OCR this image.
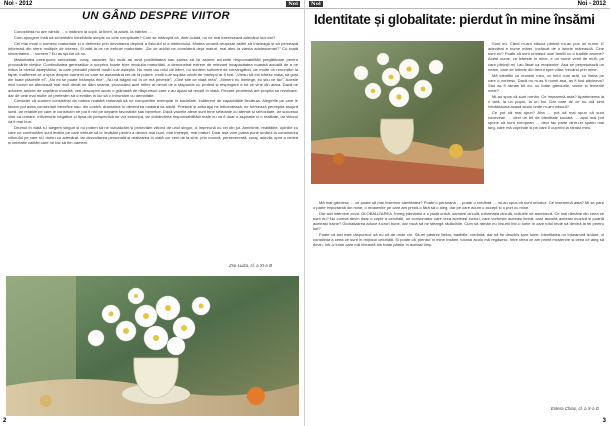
Noi - 2012	Noi
UN GÂND DESPRE VIITOR

Cunoștiința nu are vârstă … o întâlnim la copii, la tineri, la adulți, la bătrâni ....

Cum ajungem însă să schimbăm întrebările simple cu cele complicate? Cum se întâmplă că, dintr-odată, nu ne mai interesează adevărul lucrului?

Cei mai mulți o numesc maturitate și o definesc prin devoltarea deplină a fizicului și a intelectului. Mintea umană reușește astfel să înțeleagă și să perceapă informații din sfere multiple de interes. Și atât la ce ne trebuie maturitate: „De ce adulții ne consideră deja maturi, mai ales la vârsta adolescenței?” Cu toată sinceritatea … suntem? Eu aș spune că nu.

Maturitatea presupune seriozitate, curaj, caracter. Nu multi au avut posibilitatea sau șansa să își asume anumite responsabilități pregătitoare pentru provocările vieților. Continuitatea generațiilor a surprins foarte bine involuția maturității, a demonstrat extrem de relevant incapacitatea noastră actuală de a ne ridica la nivelul așteptărilor, la care probabil părinții noștri s-ar aștepta. Nu mulți iau rolul de lideri, nu suntem suficient de convingători, de multe ori renunțăm la fapte. Indiferent ce a spus despre oamenii cu care se aseamănă cei de la putere, mulți s-ar supăra oricât de înțelepți ar fi fost. „Vreau să îmi trăiesc viața, să gust din toate plăcerile ei”, „Nu mi se poate întâmpla mie”, „Nu vă băgați voi în ce mă privește”, „Cine știe ce viață mea”, „Nimeni nu înțelege, eu știu ce fac”. Aceste mici lucruri ne afectează mai mult decât ne dăm seama, provocând acel reflex al nevoii de a răspunde cu protest și respingere a tot ce vine din afara. Dacă ne aducem aminte de copilăria noastră, veți descoperi acolo o grămadă de răspunsuri care v-au ajutat să reușiți în viață. Fiecare problemă are propria sa rezolvare, dar de cele mai multe ori preferăm să o evităm în loc să o înfruntăm cu demnitate.

Consider că suntem constrânși de natura noastră rațională să ne comportăm exemplar în societate, indiferent de capacitățile fiecăruia. Alegerile pe care le facem pot avea consecințe benefice sau, din contră, dramatice în devenirea noastră ca adulți. Prietenii și anturajul ne influențează, ne formează percepția asupra lumii, iar relațiile pe care le construim ne pot fi nici pe departe favorabile sau benefice. Dacă valorile alese sunt bine selectate cu atenție și seriozitate, iar succesul vine ca urmare, influențele negative și lipsa de perspectivă se vor estompa, iar dobândirea responsabilității reale nu va fi doar o aspirație ci o realitate, iar viitorul va fi mai bun.

Drumul în viață n-l alegem singuri și nu putem să ne vizualizăm și proiectăm viitorul de unul singur, ci împreună cu cei din jur. Amintirile, realitățile, opiniile cu care ne confruntăm sunt lecțiile pe care trebuie să le învățăm pentru a deveni mai buni, mai înțelepți, mai maturi. Doar așa vom putea pune umărul la construirea viitorului pe care ni-l dorim cu adevărat, iar dezvoltarea personală și realizarea în viață vor veni de la sine, prin muncă, perseverență, curaj, adevăr, spre a vedea și celelalte calități care ne fac să fim oameni.

Zso Luiza, cl. a XI-a B
2
Noi	Noi - 2012
Identitate și globalitate: pierdut în mine însămi

Sunt eu. Când m-am născut părinții mi-au pus un nume. E adevărat e nume mărei, înzărcat de o istorie mărească. Cine sunt eu? Poate că sunt urmașul unei familii cu o tradiție anume? Acest nume, ce trăiește în mine, e un nume venit de mult, pe care părinții mi l-au lăsat ca moștenire. Așa se perpetuează un neam, care se întinde din trecut spre viitor, trecând prin mine.

Mă identific cu numele meu, cu felul cum arăt, cu limba pe care o vorbesc. Dacă nu m-aș fi numit așa, aș fi fost altcineva? Sau aș fi rămas tot eu, cu toate gândurile, visele și temerile mele?

Mi-au spus că sunt român. Ce înseamnă asta? Apartenența la o țară, la un popor, la un loc. Dar oare de ce nu mă simt întotdeauna acasă acolo unde m-am născut?

Ce pot să mai spun? Aha … pot să mai spun că sunt sucevean … deci un fel de identitate socială … apoi mai pot spune că sunt european … deci fac parte dintr-un spațiu mai larg, care mă cuprinde și pe care îl cuprind la rândul meu.

Mă mai gândesc … ce poate să mai însemne identitatea? Poate o persoană … poate o credință … mi-au spus că sunt ortodox. Ce înseamnă asta? Mi se pare o parte importantă din mine, o moștenire pe care am primit-o fără să o aleg, dar pe care acum o accept și o port cu mine.

Dar aici intervine ceva. GLOBALIZAREA. Întreg pământul e o piață unică, oamenii circulă, informația circulă, culturile se amestecă. Ce mai rămâne din ceea ce sunt eu? Nu cumva devin doar o copie a celorlalți, un consumator care vrea aceleași lucruri, care vorbește aceeași limbă, care ascultă aceeași muzică și poartă aceleași haine? Globalizarea aduce lucruri bune, dar riscă să ne șteargă rădăcinile. Cum să rămân eu însumi într-o lume în care totul tinde să devină la fel pentru toți?

Poate că aici este răspunsul: să nu uit de unde vin. Să-mi păstrez limba, tradițiile, credința, dar să fiu deschis spre lume. Identitatea nu înseamnă izolare, ci conștiința a ceea ce sunt în mijlocul celorlalți. Și poate că, pierdut în mine însămi, tocmai acolo mă regăsesc, între ceea ce am primit moștenire și ceea ce aleg să devin, într-o lume care mă cheamă din toate părțile în același timp.

Estera Chiaș, cl. a X-a D
3
